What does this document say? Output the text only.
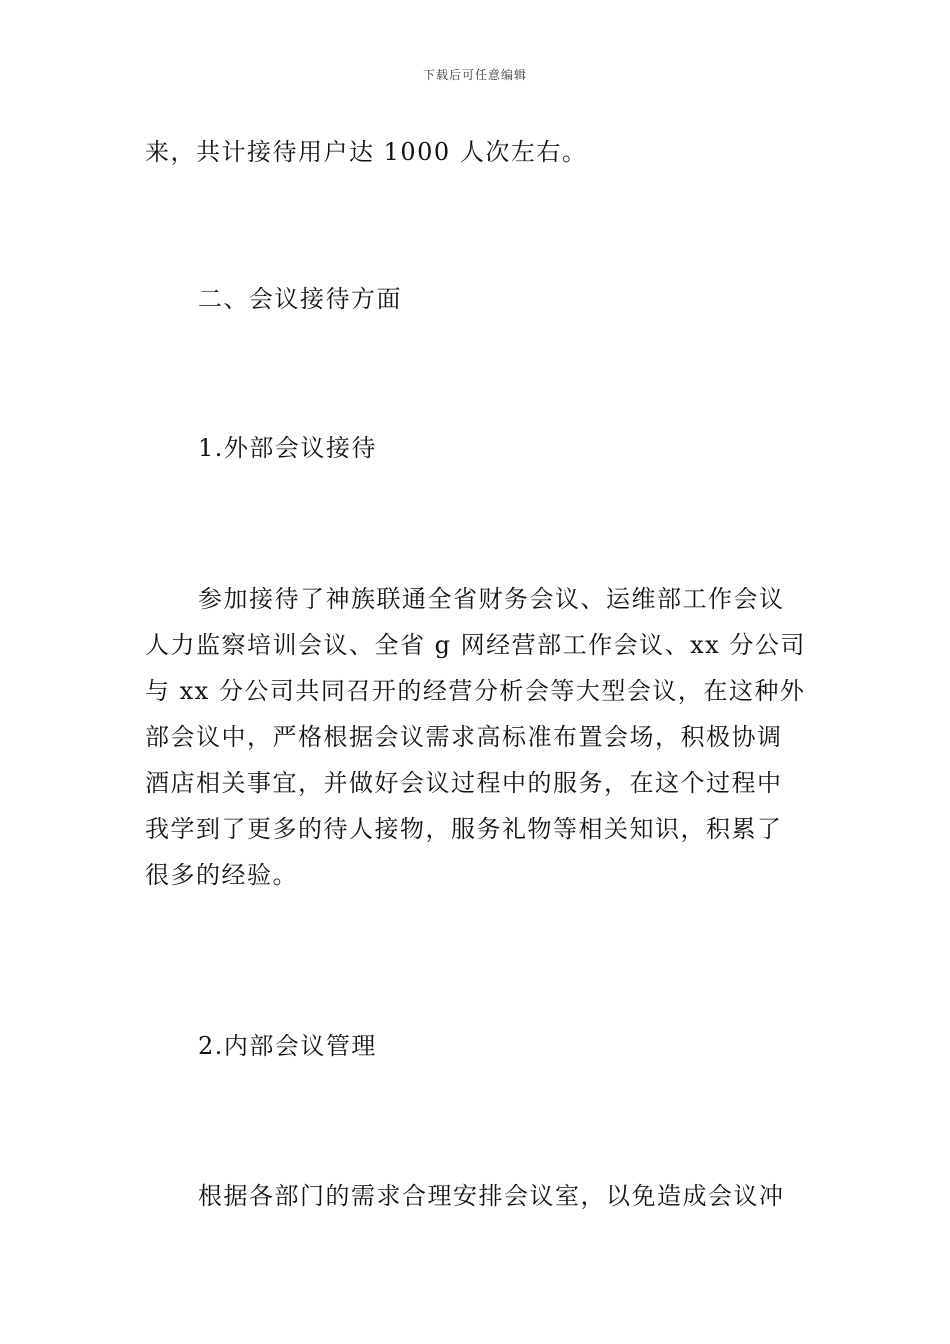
下载后可任意编辑
来，共计接待用户达 1000 人次左右。
二、会议接待方面
1.外部会议接待
参加接待了神族联通全省财务会议、运维部工作会议
人力监察培训会议、全省 g 网经营部工作会议、xx 分公司
与 xx 分公司共同召开的经营分析会等大型会议，在这种外
部会议中，严格根据会议需求高标准布置会场，积极协调
酒店相关事宜，并做好会议过程中的服务，在这个过程中
我学到了更多的待人接物，服务礼物等相关知识，积累了
很多的经验。
2.内部会议管理
根据各部门的需求合理安排会议室，以免造成会议冲
